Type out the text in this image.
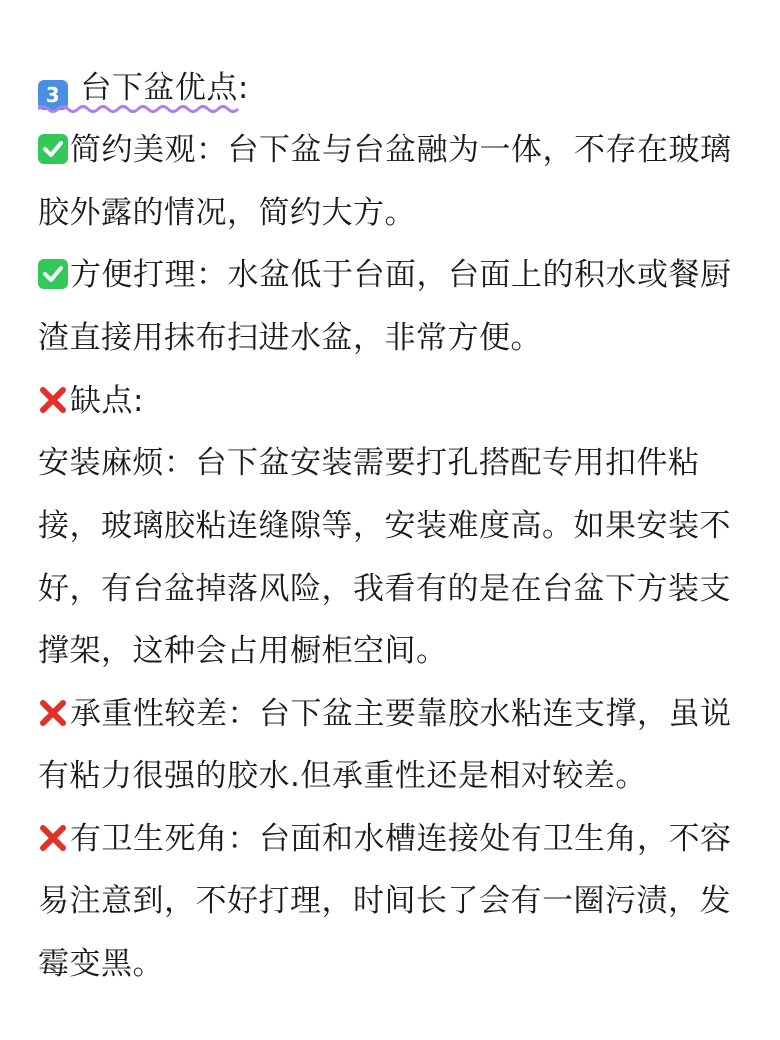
3 台下盆优点:
简约美观：台下盆与台盆融为一体，不存在玻璃
胶外露的情况，简约大方。
方便打理：水盆低于台面，台面上的积水或餐厨
渣直接用抹布扫进水盆，非常方便。
缺点:
安装麻烦：台下盆安装需要打孔搭配专用扣件粘
接，玻璃胶粘连缝隙等，安装难度高。如果安装不
好，有台盆掉落风险，我看有的是在台盆下方装支
撑架，这种会占用橱柜空间。
承重性较差：台下盆主要靠胶水粘连支撑，虽说
有粘力很强的胶水.但承重性还是相对较差。
有卫生死角：台面和水槽连接处有卫生角，不容
易注意到，不好打理，时间长了会有一圈污渍，发
霉变黑。
